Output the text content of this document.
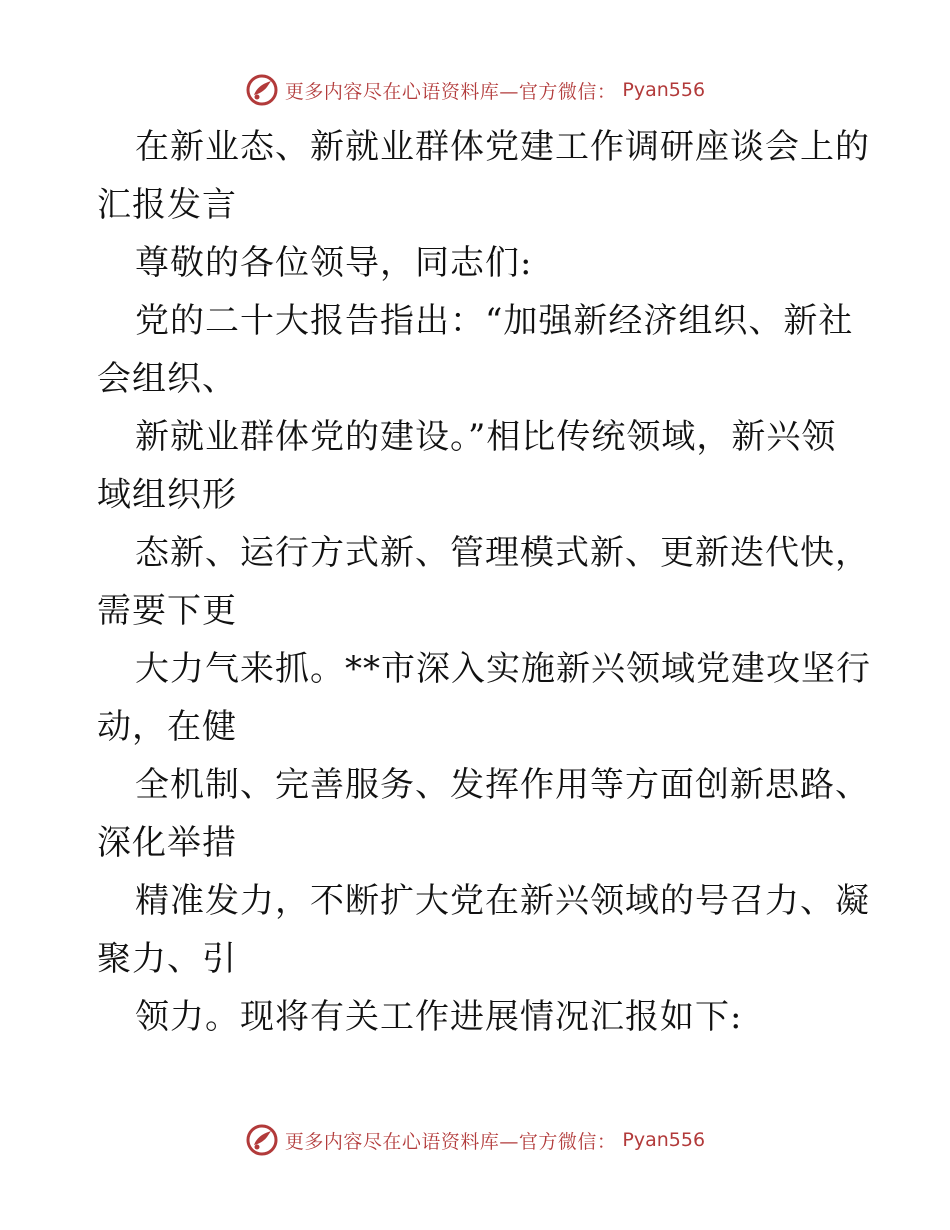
更多内容尽在心语资料库—官方微信： Pyan556
在新业态、新就业群体党建工作调研座谈会上的
汇报发言
尊敬的各位领导，同志们:
党的二十大报告指出：“加强新经济组织、新社
会组织、
新就业群体党的建设。”相比传统领域，新兴领
域组织形
态新、运行方式新、管理模式新、更新迭代快，
需要下更
大力气来抓。**市深入实施新兴领域党建攻坚行
动，在健
全机制、完善服务、发挥作用等方面创新思路、
深化举措
精准发力，不断扩大党在新兴领域的号召力、凝
聚力、引
领力。现将有关工作进展情况汇报如下:
更多内容尽在心语资料库—官方微信： Pyan556
